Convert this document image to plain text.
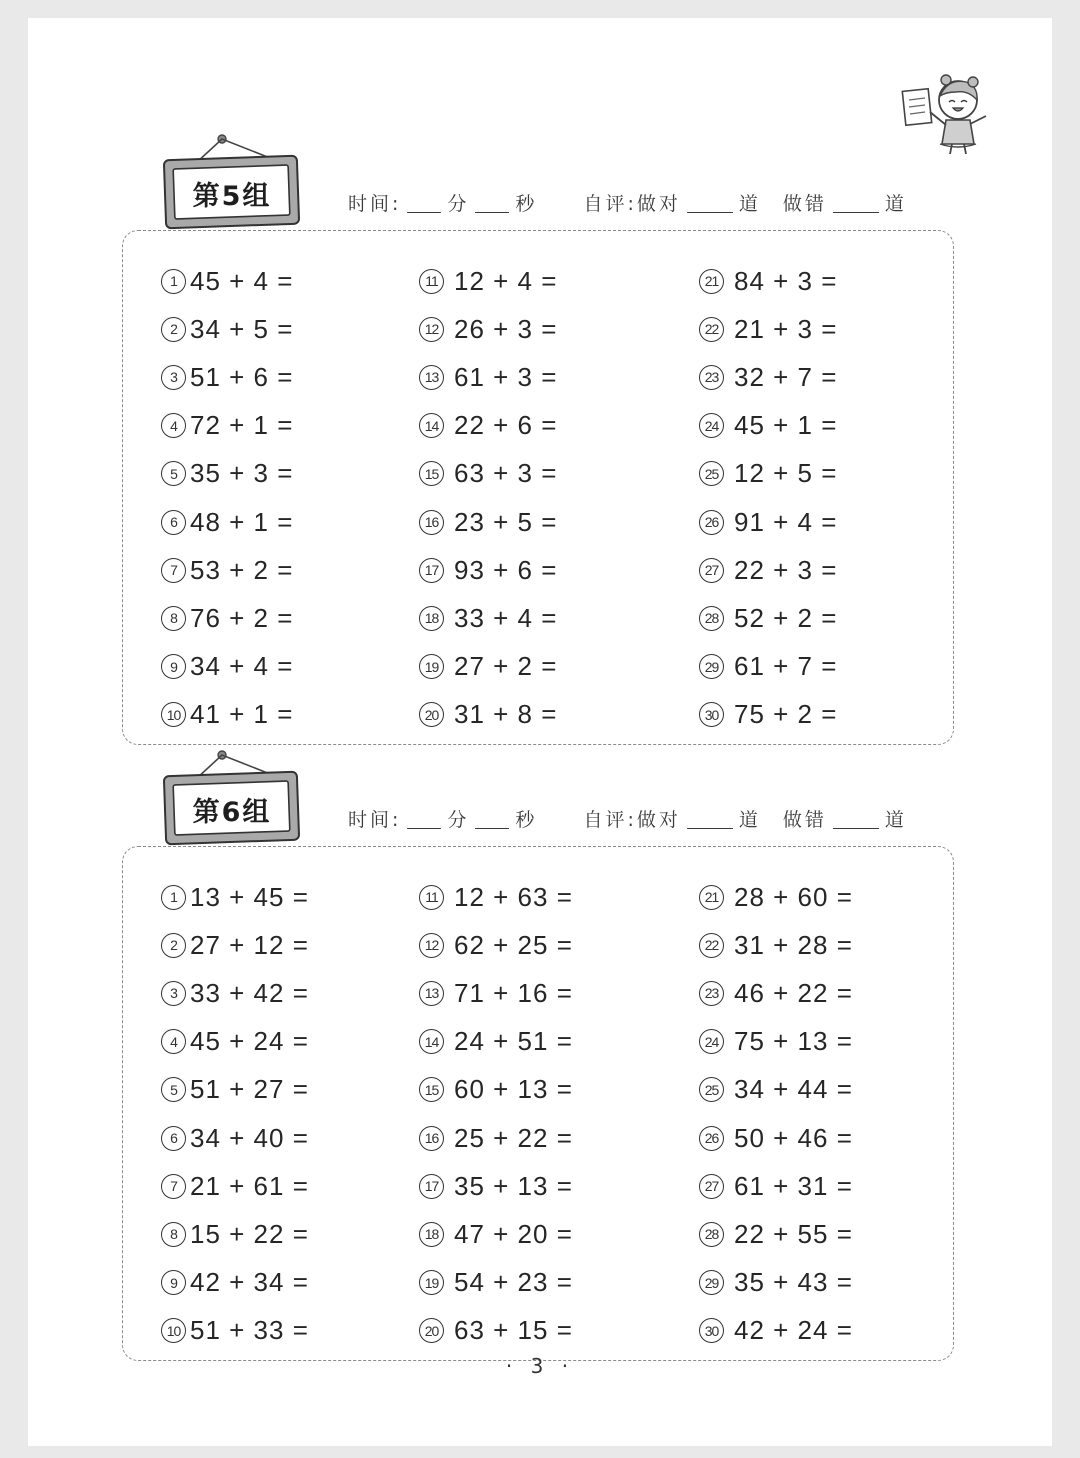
第5组	时间: 分 秒 自评:做对	道 做错	道
1 45 + 4 =
2 34 + 5 =
3 51 + 6 =
4 72 + 1 =
5 35 + 3 =
6 48 + 1 =
7 53 + 2 =
8 76 + 2 =
9 34 + 4 =
10 41 + 1 =
11 12 + 4 =
12 26 + 3 =
13 61 + 3 =
14 22 + 6 =
15 63 + 3 =
16 23 + 5 =
17 93 + 6 =
18 33 + 4 =
19 27 + 2 =
20 31 + 8 =
21 84 + 3 =
22 21 + 3 =
23 32 + 7 =
24 45 + 1 =
25 12 + 5 =
26 91 + 4 =
27 22 + 3 =
28 52 + 2 =
29 61 + 7 =
30 75 + 2 =
第6组	时间: 分 秒 自评:做对	道 做错	道
1 13 + 45 =
2 27 + 12 =
3 33 + 42 =
4 45 + 24 =
5 51 + 27 =
6 34 + 40 =
7 21 + 61 =
8 15 + 22 =
9 42 + 34 =
10 51 + 33 =
11 12 + 63 =
12 62 + 25 =
13 71 + 16 =
14 24 + 51 =
15 60 + 13 =
16 25 + 22 =
17 35 + 13 =
18 47 + 20 =
19 54 + 23 =
20 63 + 15 =
21 28 + 60 =
22 31 + 28 =
23 46 + 22 =
24 75 + 13 =
25 34 + 44 =
26 50 + 46 =
27 61 + 31 =
28 22 + 55 =
29 35 + 43 =
30 42 + 24 =
· 3 ·
